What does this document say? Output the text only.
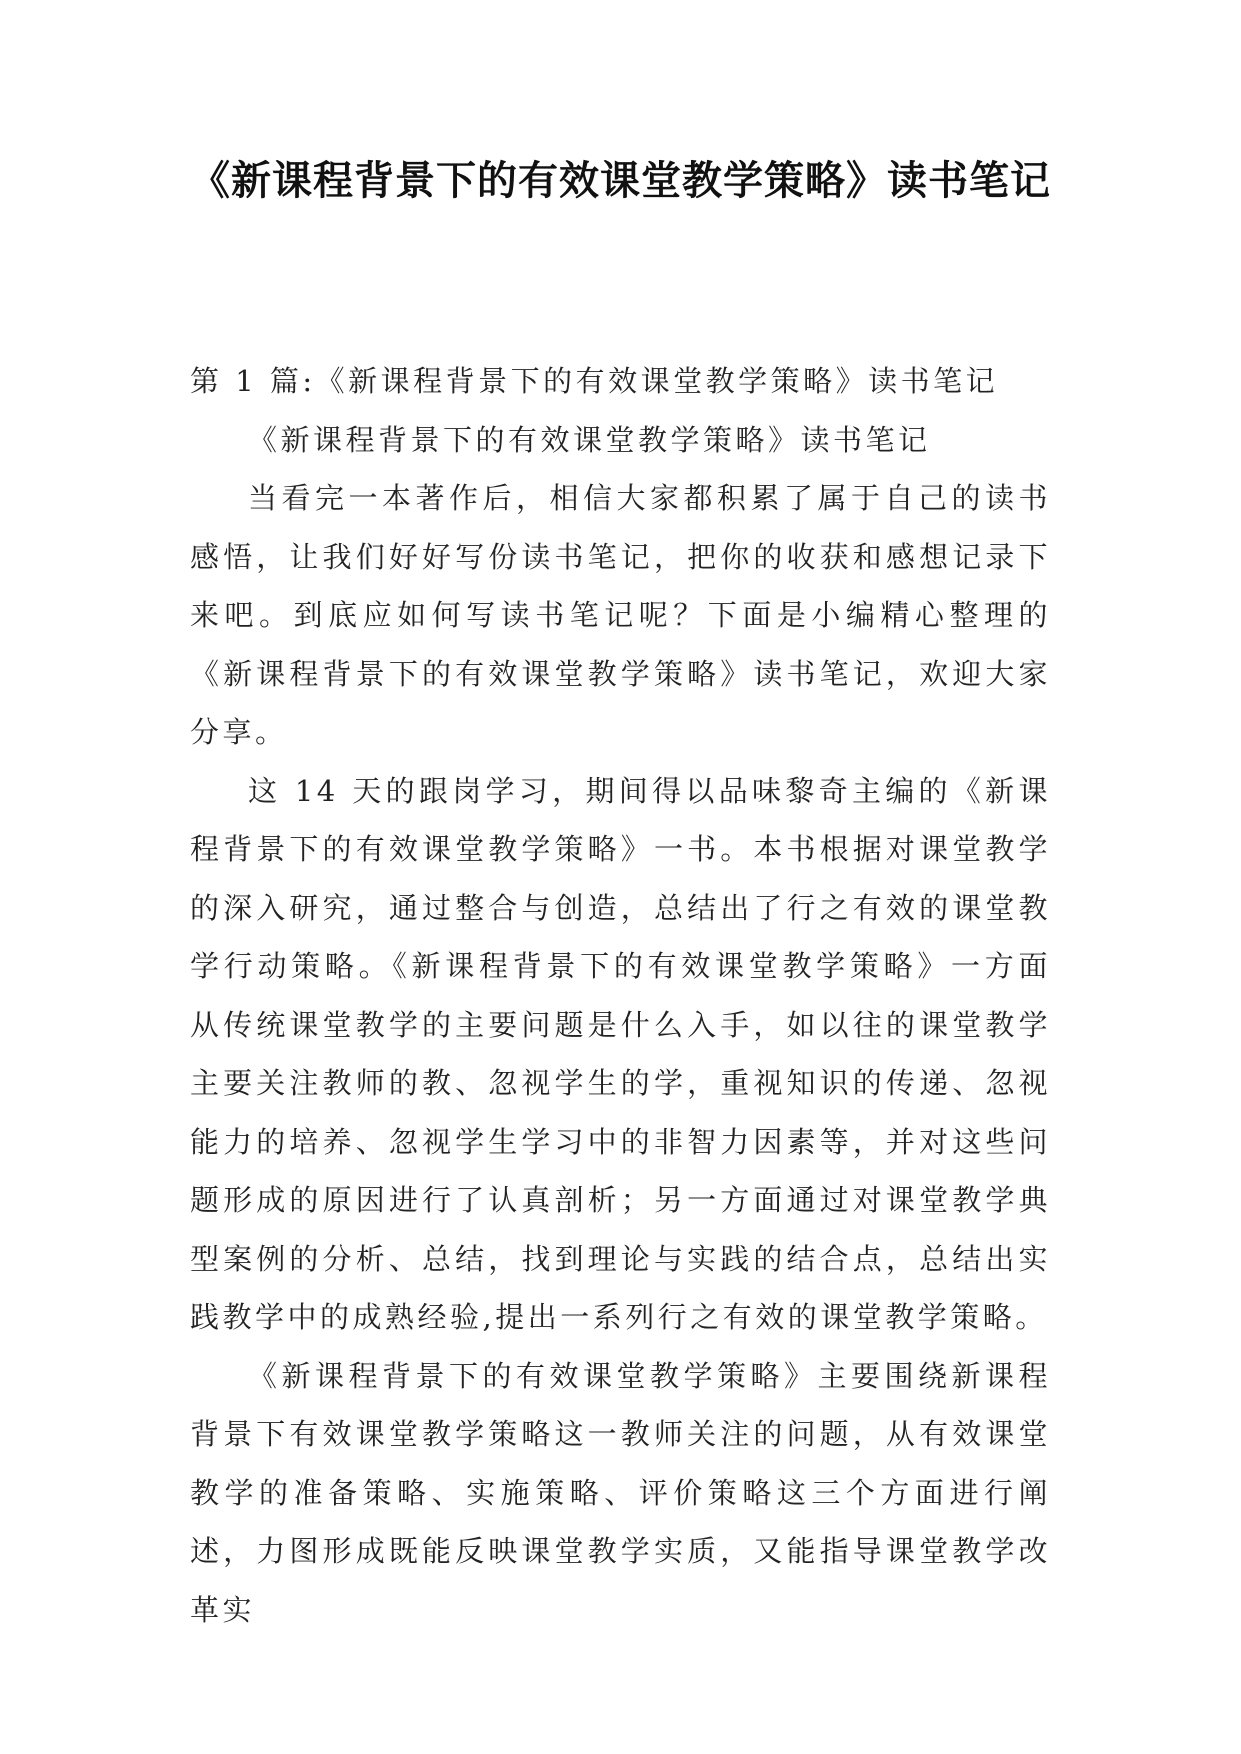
《新课程背景下的有效课堂教学策略》读书笔记

第 1 篇:《新课程背景下的有效课堂教学策略》读书笔记

《新课程背景下的有效课堂教学策略》读书笔记

当看完一本著作后，相信大家都积累了属于自己的读书感悟，让我们好好写份读书笔记，把你的收获和感想记录下来吧。到底应如何写读书笔记呢？下面是小编精心整理的《新课程背景下的有效课堂教学策略》读书笔记，欢迎大家分享。

这 14 天的跟岗学习，期间得以品味黎奇主编的《新课程背景下的有效课堂教学策略》一书。本书根据对课堂教学的深入研究，通过整合与创造，总结出了行之有效的课堂教学行动策略。《新课程背景下的有效课堂教学策略》一方面从传统课堂教学的主要问题是什么入手，如以往的课堂教学主要关注教师的教、忽视学生的学，重视知识的传递、忽视能力的培养、忽视学生学习中的非智力因素等，并对这些问题形成的原因进行了认真剖析；另一方面通过对课堂教学典型案例的分析、总结，找到理论与实践的结合点，总结出实践教学中的成熟经验,提出一系列行之有效的课堂教学策略。

《新课程背景下的有效课堂教学策略》主要围绕新课程背景下有效课堂教学策略这一教师关注的问题，从有效课堂教学的准备策略、实施策略、评价策略这三个方面进行阐述，力图形成既能反映课堂教学实质，又能指导课堂教学改革实
